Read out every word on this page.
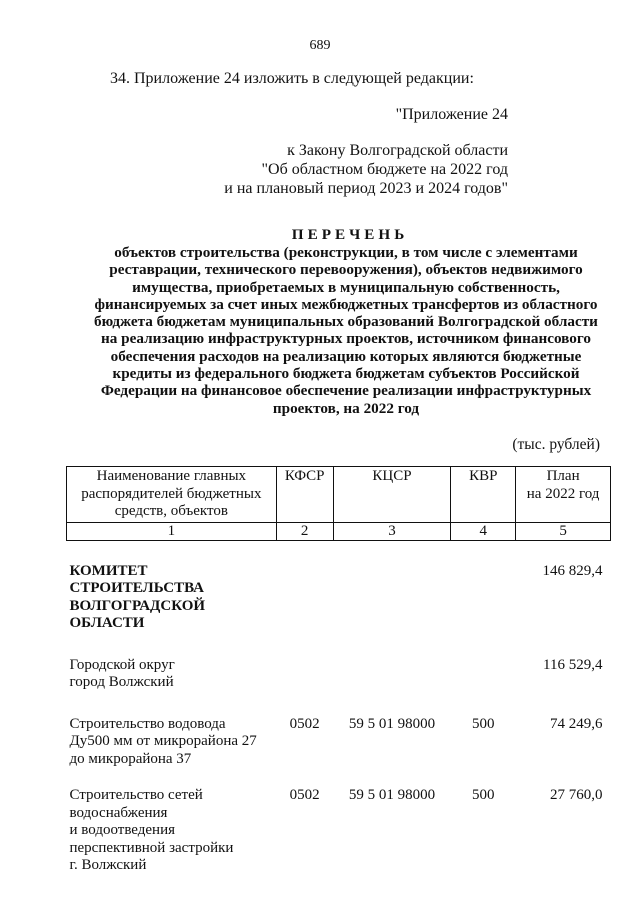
689
34. Приложение 24 изложить в следующей редакции:
"Приложение 24
к Закону Волгоградской области
"Об областном бюджете на 2022 год
и на плановый период 2023 и 2024 годов"
ПЕРЕЧЕНЬ
объектов строительства (реконструкции, в том числе с элементами
реставрации, технического перевооружения), объектов недвижимого
имущества, приобретаемых в муниципальную собственность,
финансируемых за счет иных межбюджетных трансфертов из областного
бюджета бюджетам муниципальных образований Волгоградской области
на реализацию инфраструктурных проектов, источником финансового
обеспечения расходов на реализацию которых являются бюджетные
кредиты из федерального бюджета бюджетам субъектов Российской
Федерации на финансовое обеспечение реализации инфраструктурных
проектов, на 2022 год
(тыс. рублей)
Наименование главных
распорядителей бюджетных
средств, объектов	КФСР	КЦСР	КВР	План
на 2022 год

1	2	3	4	5

КОМИТЕТ СТРОИТЕЛЬСТВА
ВОЛГОГРАДСКОЙ ОБЛАСТИ				146 829,4

Городской округ
город Волжский				116 529,4

Строительство водовода
Ду500 мм от микрорайона 27
до микрорайона 37	0502	59 5 01 98000	500	74 249,6

Строительство сетей
водоснабжения
и водоотведения
перспективной застройки
г. Волжский	0502	59 5 01 98000	500	27 760,0
